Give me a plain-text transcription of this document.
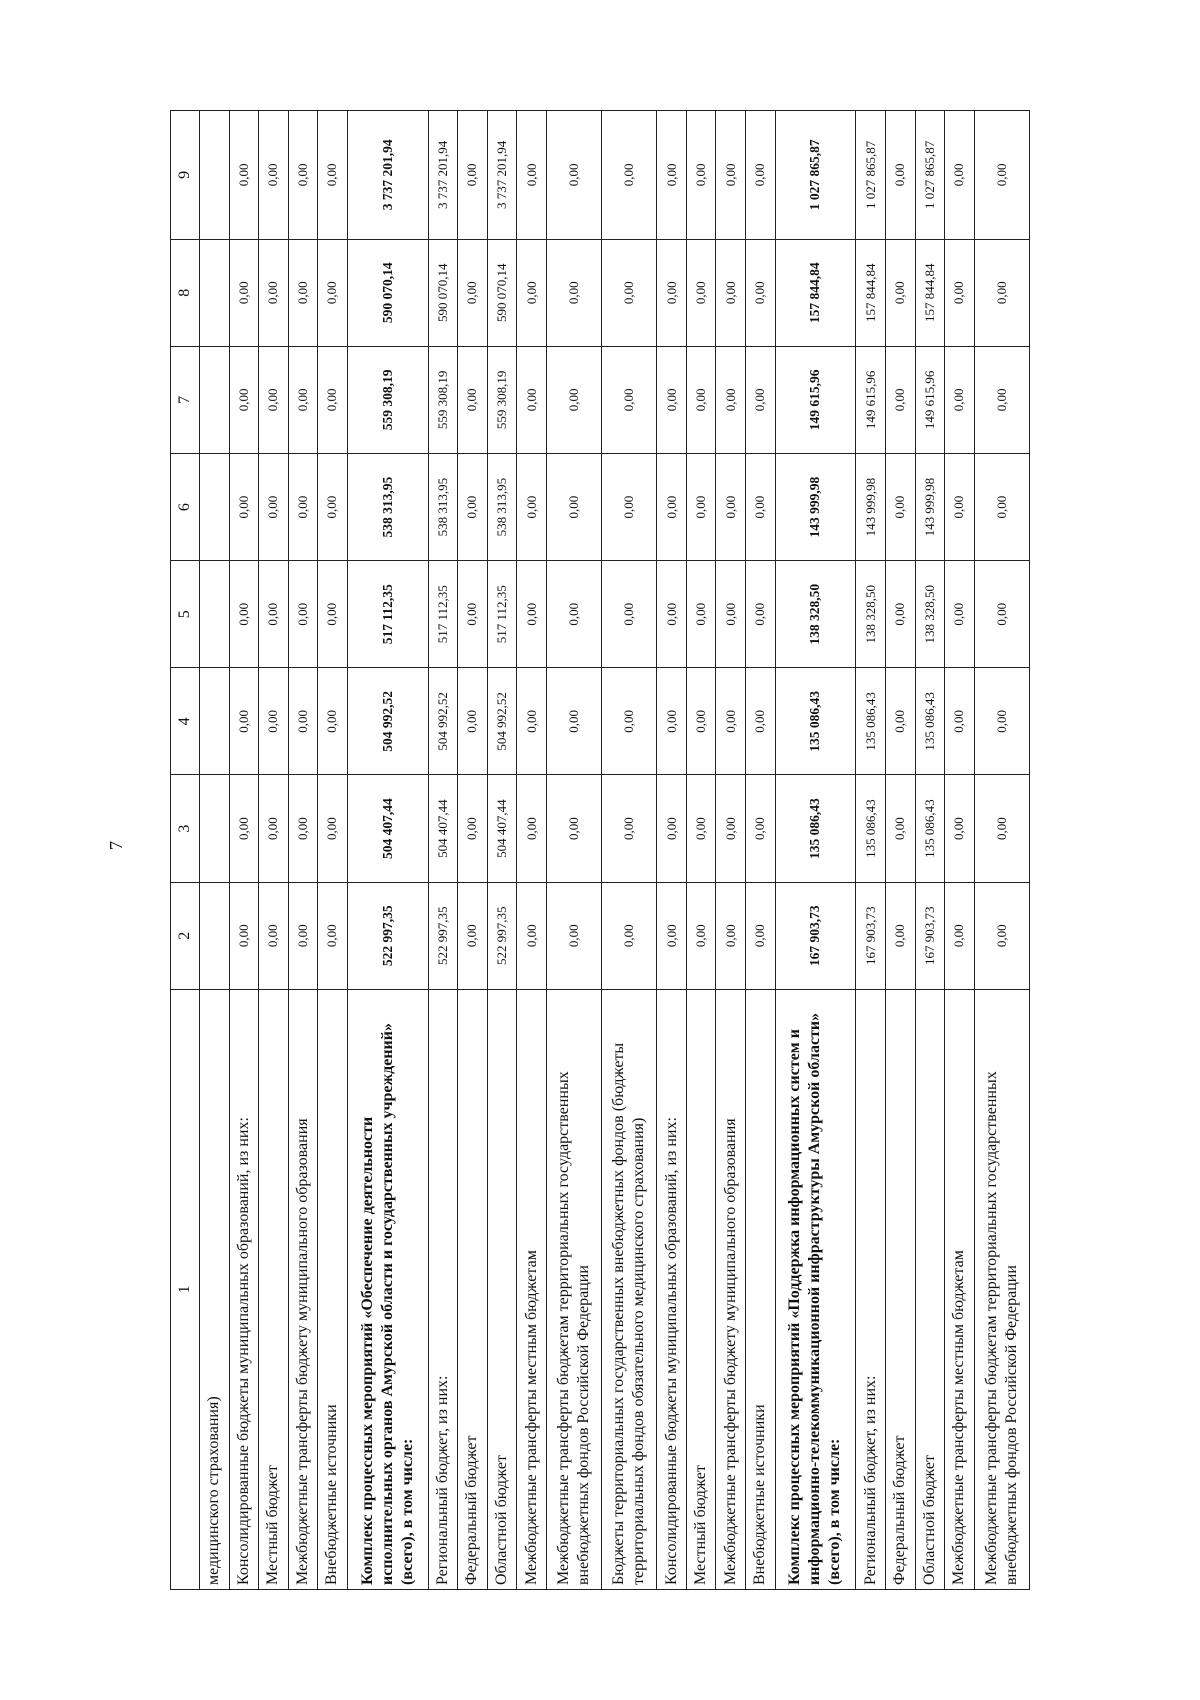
7
1	2	3	4	5	6	7	8	9
медицинского страхования)								
Консолидированные бюджеты муниципальных образований, из них:	0,00	0,00	0,00	0,00	0,00	0,00	0,00	0,00
Местный бюджет	0,00	0,00	0,00	0,00	0,00	0,00	0,00	0,00
Межбюджетные трансферты бюджету муниципального образования	0,00	0,00	0,00	0,00	0,00	0,00	0,00	0,00
Внебюджетные источники	0,00	0,00	0,00	0,00	0,00	0,00	0,00	0,00
Комплекс процессных мероприятий «Обеспечение деятельности исполнительных органов Амурской области и государственных учреждений» (всего), в том числе:	522 997,35	504 407,44	504 992,52	517 112,35	538 313,95	559 308,19	590 070,14	3 737 201,94
Региональный бюджет, из них:	522 997,35	504 407,44	504 992,52	517 112,35	538 313,95	559 308,19	590 070,14	3 737 201,94
Федеральный бюджет	0,00	0,00	0,00	0,00	0,00	0,00	0,00	0,00
Областной бюджет	522 997,35	504 407,44	504 992,52	517 112,35	538 313,95	559 308,19	590 070,14	3 737 201,94
Межбюджетные трансферты местным бюджетам	0,00	0,00	0,00	0,00	0,00	0,00	0,00	0,00
Межбюджетные трансферты бюджетам территориальных государственных внебюджетных фондов Российской Федерации	0,00	0,00	0,00	0,00	0,00	0,00	0,00	0,00
Бюджеты территориальных государственных внебюджетных фондов (бюджеты территориальных фондов обязательного медицинского страхования)	0,00	0,00	0,00	0,00	0,00	0,00	0,00	0,00
Консолидированные бюджеты муниципальных образований, из них:	0,00	0,00	0,00	0,00	0,00	0,00	0,00	0,00
Местный бюджет	0,00	0,00	0,00	0,00	0,00	0,00	0,00	0,00
Межбюджетные трансферты бюджету муниципального образования	0,00	0,00	0,00	0,00	0,00	0,00	0,00	0,00
Внебюджетные источники	0,00	0,00	0,00	0,00	0,00	0,00	0,00	0,00
Комплекс процессных мероприятий «Поддержка информационных систем и информационно-телекоммуникационной инфраструктуры Амурской области» (всего), в том числе:	167 903,73	135 086,43	135 086,43	138 328,50	143 999,98	149 615,96	157 844,84	1 027 865,87
Региональный бюджет, из них:	167 903,73	135 086,43	135 086,43	138 328,50	143 999,98	149 615,96	157 844,84	1 027 865,87
Федеральный бюджет	0,00	0,00	0,00	0,00	0,00	0,00	0,00	0,00
Областной бюджет	167 903,73	135 086,43	135 086,43	138 328,50	143 999,98	149 615,96	157 844,84	1 027 865,87
Межбюджетные трансферты местным бюджетам	0,00	0,00	0,00	0,00	0,00	0,00	0,00	0,00
Межбюджетные трансферты бюджетам территориальных государственных внебюджетных фондов Российской Федерации	0,00	0,00	0,00	0,00	0,00	0,00	0,00	0,00
